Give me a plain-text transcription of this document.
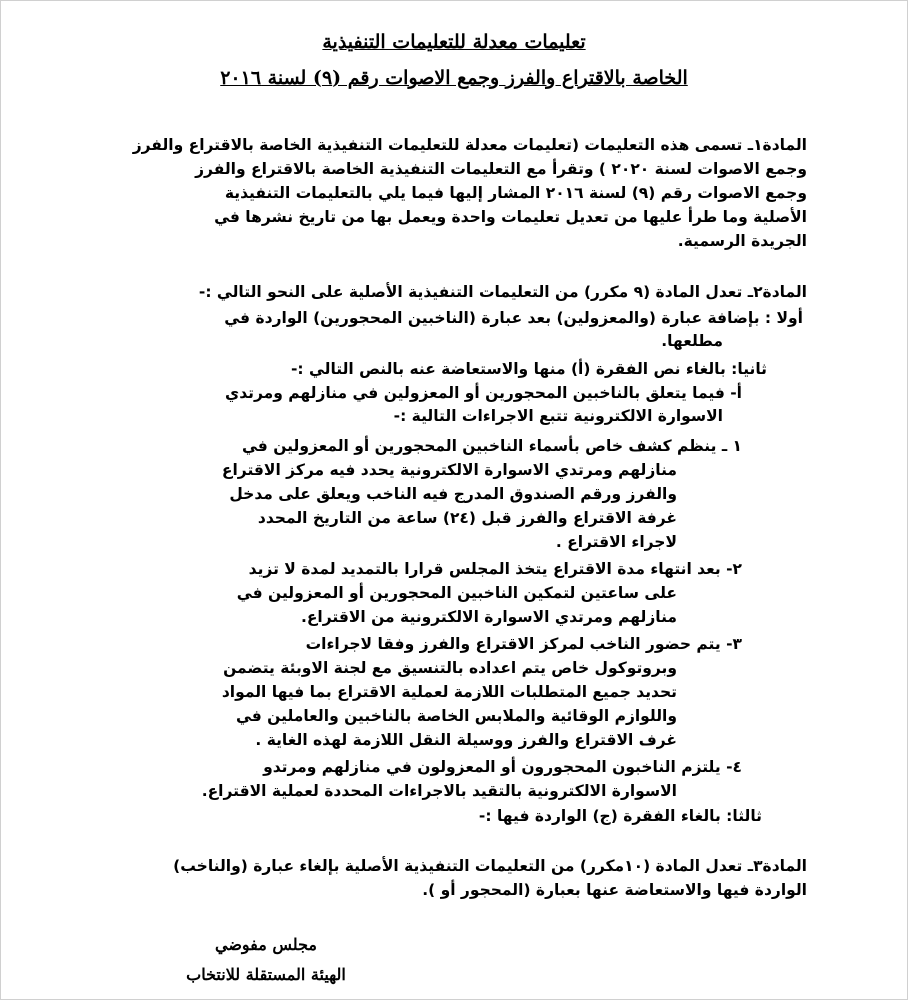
تعليمات معدلة للتعليمات التنفيذية
الخاصة بالاقتراع والفرز وجمع الاصوات رقم (٩) لسنة ٢٠١٦
المادة١ـ تسمى هذه التعليمات (تعليمات معدلة للتعليمات التنفيذية الخاصة بالاقتراع والفرز
وجمع الاصوات لسنة ٢٠٢٠ ) وتقرأ مع التعليمات التنفيذية الخاصة بالاقتراع والفرز
وجمع الاصوات رقم (٩) لسنة ٢٠١٦ المشار إليها فيما يلي بالتعليمات التنفيذية
الأصلية وما طرأ عليها من تعديل تعليمات واحدة ويعمل بها من تاريخ نشرها في
الجريدة الرسمية.
المادة٢ـ تعدل المادة (٩ مكرر) من التعليمات التنفيذية الأصلية على النحو التالي :-
أولا : بإضافة عبارة (والمعزولين) بعد عبارة (الناخبين المحجورين) الواردة في
مطلعها.
ثانيا: بالغاء نص الفقرة (أ) منها والاستعاضة عنه بالنص التالي :-
أ- فيما يتعلق بالناخبين المحجورين أو المعزولين في منازلهم ومرتدي
الاسوارة الالكترونية تتبع الاجراءات التالية :-
١ ـ ينظم كشف خاص بأسماء الناخبين المحجورين أو المعزولين في
منازلهم ومرتدي الاسوارة الالكترونية يحدد فيه مركز الاقتراع
والفرز ورقم الصندوق المدرج فيه الناخب ويعلق على مدخل
غرفة الاقتراع والفرز قبل (٢٤) ساعة من التاريخ المحدد
لاجراء الاقتراع .
٢- بعد انتهاء مدة الاقتراع يتخذ المجلس قرارا بالتمديد لمدة لا تزيد
على ساعتين لتمكين الناخبين المحجورين أو المعزولين في
منازلهم ومرتدي الاسوارة الالكترونية من الاقتراع.
٣- يتم حضور الناخب لمركز الاقتراع والفرز وفقا لاجراءات
وبروتوكول خاص يتم اعداده بالتنسيق مع لجنة الاوبئة يتضمن
تحديد جميع المتطلبات اللازمة لعملية الاقتراع بما فيها المواد
واللوازم الوقائية والملابس الخاصة بالناخبين والعاملين في
غرف الاقتراع والفرز ووسيلة النقل اللازمة لهذه الغاية .
٤- يلتزم الناخبون المحجورون أو المعزولون في منازلهم ومرتدو
الاسوارة الالكترونية بالتقيد بالاجراءات المحددة لعملية الاقتراع.
ثالثا: بالغاء الفقرة (ج) الواردة فيها :-
المادة٣ـ تعدل المادة (١٠مكرر) من التعليمات التنفيذية الأصلية بإلغاء عبارة (والناخب)
الواردة فيها والاستعاضة عنها بعبارة (المحجور أو ).
مجلس مفوضي
الهيئة المستقلة للانتخاب
